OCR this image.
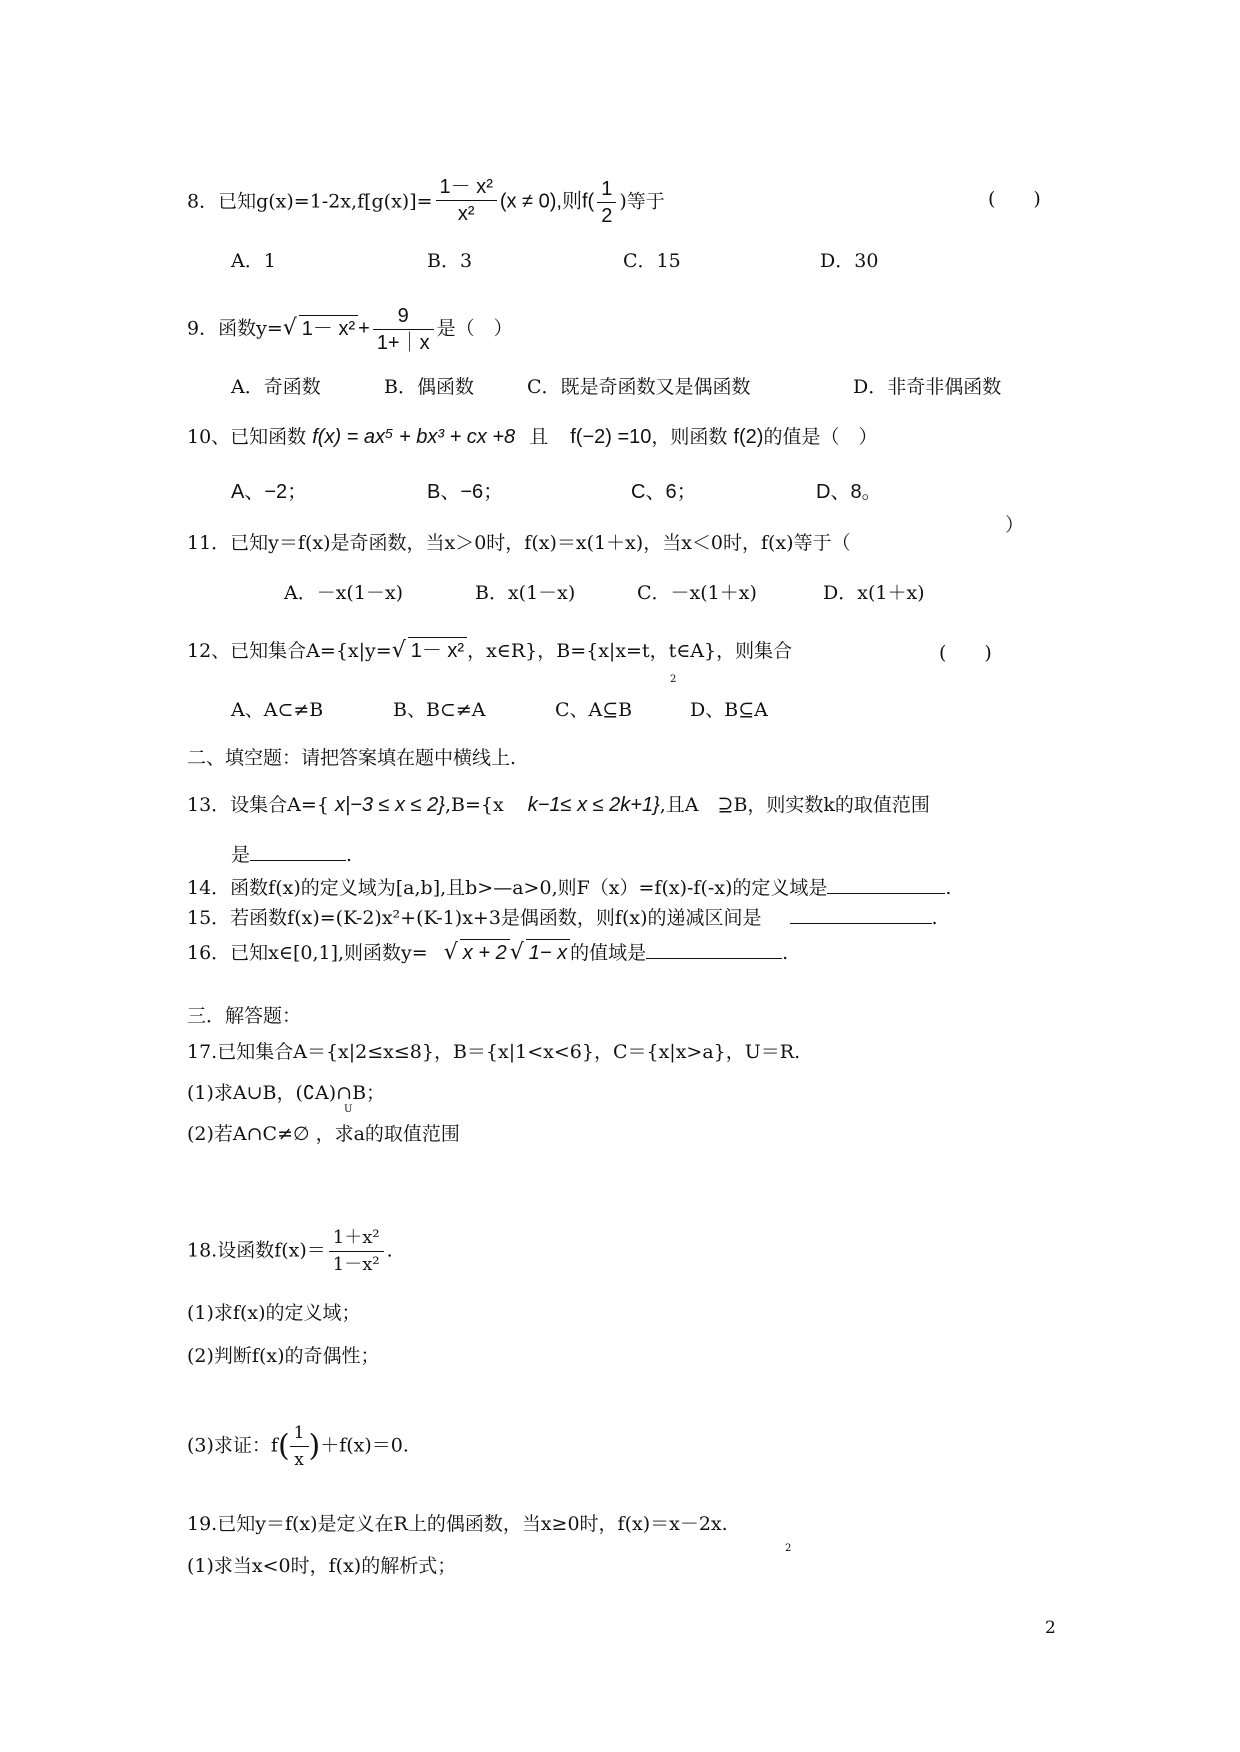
8．已知$g(x)=1-2x,f[g(x)]= \frac{\text{1－ x²}}{\text{x²}} (x \ne 0)$,则$f( \frac{1}{2}$ )等于	(　　)
A．1	B．3	C．15	D．30
9．函数y=√ $1- x^2 + \frac{9}{1+|x}$ 是（　）
A．奇函数	B．偶函数	C．既是奇函数又是偶函数	D．非奇非偶函数
10、已知函数 f(x) = ax⁵ + bx³ + cx +8 且 f(−2) =10，则函数 f(2)的值是（　）
A、−2；	B、−6；	C、6；	D、8。
11．已知y＝f(x)是奇函数，当x＞0时，f(x)＝x(1＋x)，当x＜0时，f(x)等于（
）
A．－x(1－x)	B．x(1－x)	C．－x(1＋x)	D．x(1＋x)
12、已知集合A={x|y=√ 1－ x² ，x∈R}，B={x|x=t，t∈A}，则集合
2
(　　)
A、A⊂≠B	B、B⊂≠A	C、A⊆B	D、B⊆A
二、填空题：请把答案填在题中横线上.
13．设集合A={ x|−3 ≤ x ≤ 2},B={x k−1≤ x ≤ 2k+1},且A　⊇B，则实数k的取值范围
是	.
14．函数f(x)的定义域为[a,b],且b>—a>0,则F（x）=f(x)-f(-x)的定义域是	.
15．若函数f(x)=(K-2)x²+(K-1)x+3是偶函数，则f(x)的递减区间是	.
16．已知x∈[0,1],则函数y= √ x + 2 √ 1− x 的值域是	.
三．解答题：
17.已知集合A＝{x|2≤x≤8}，B＝{x|1<x<6}，C＝{x|x>a}，U＝R.
(1)求A∪B，(∁A)∩B；
U
(2)若A∩C≠∅ ，求a的取值范围
18.设函数$f(x)= \frac{\text{1＋x²}}{\text{1－x²}}$ .
(1)求f(x)的定义域；
(2)判断f(x)的奇偶性；
(3)求证：$f( \frac{1}{x} )+f(x)=0$.
19.已知y＝f(x)是定义在R上的偶函数，当x≥0时，f(x)＝x－2x.
2
(1)求当x<0时，f(x)的解析式；
2
